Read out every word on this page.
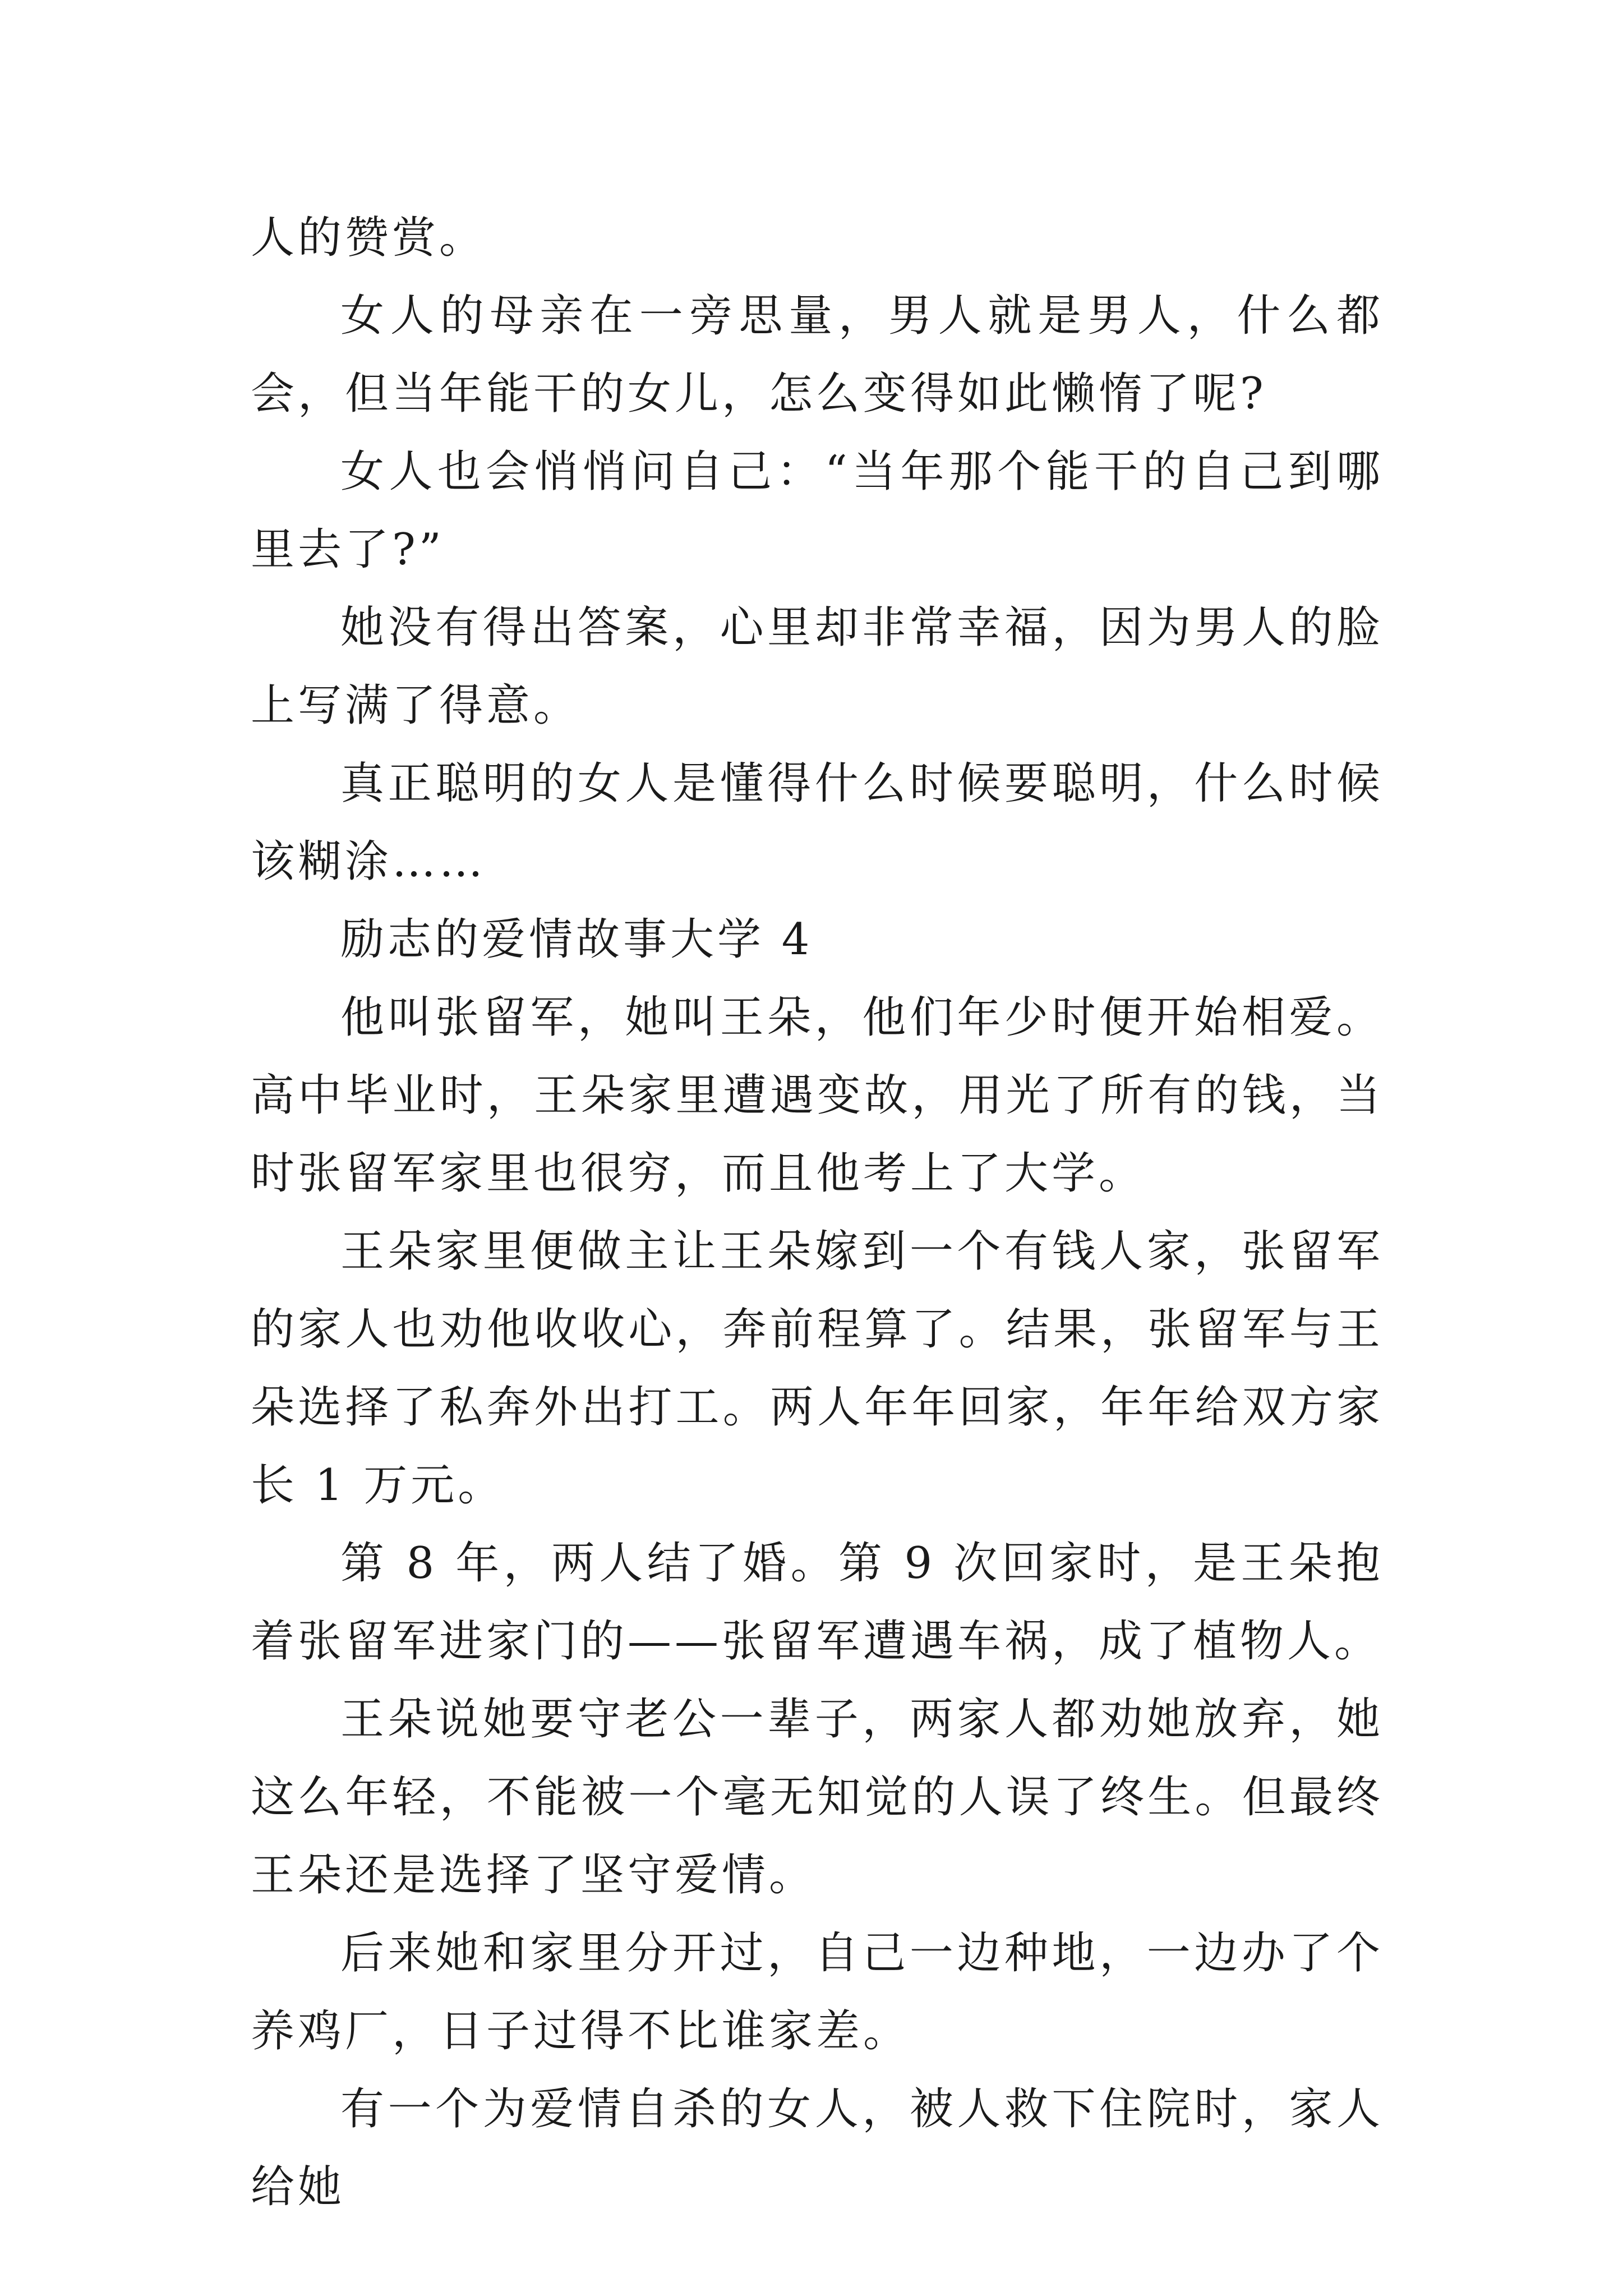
人的赞赏。

女人的母亲在一旁思量，男人就是男人，什么都会，但当年能干的女儿，怎么变得如此懒惰了呢?

女人也会悄悄问自己：“当年那个能干的自己到哪里去了?”

她没有得出答案，心里却非常幸福，因为男人的脸上写满了得意。

真正聪明的女人是懂得什么时候要聪明，什么时候该糊涂……

励志的爱情故事大学 4

他叫张留军，她叫王朵，他们年少时便开始相爱。高中毕业时，王朵家里遭遇变故，用光了所有的钱，当时张留军家里也很穷，而且他考上了大学。

王朵家里便做主让王朵嫁到一个有钱人家，张留军的家人也劝他收收心，奔前程算了。结果，张留军与王朵选择了私奔外出打工。两人年年回家，年年给双方家长 1 万元。

第 8 年，两人结了婚。第 9 次回家时，是王朵抱着张留军进家门的——张留军遭遇车祸，成了植物人。

王朵说她要守老公一辈子，两家人都劝她放弃，她这么年轻，不能被一个毫无知觉的人误了终生。但最终王朵还是选择了坚守爱情。

后来她和家里分开过，自己一边种地，一边办了个养鸡厂，日子过得不比谁家差。

有一个为爱情自杀的女人，被人救下住院时，家人给她
